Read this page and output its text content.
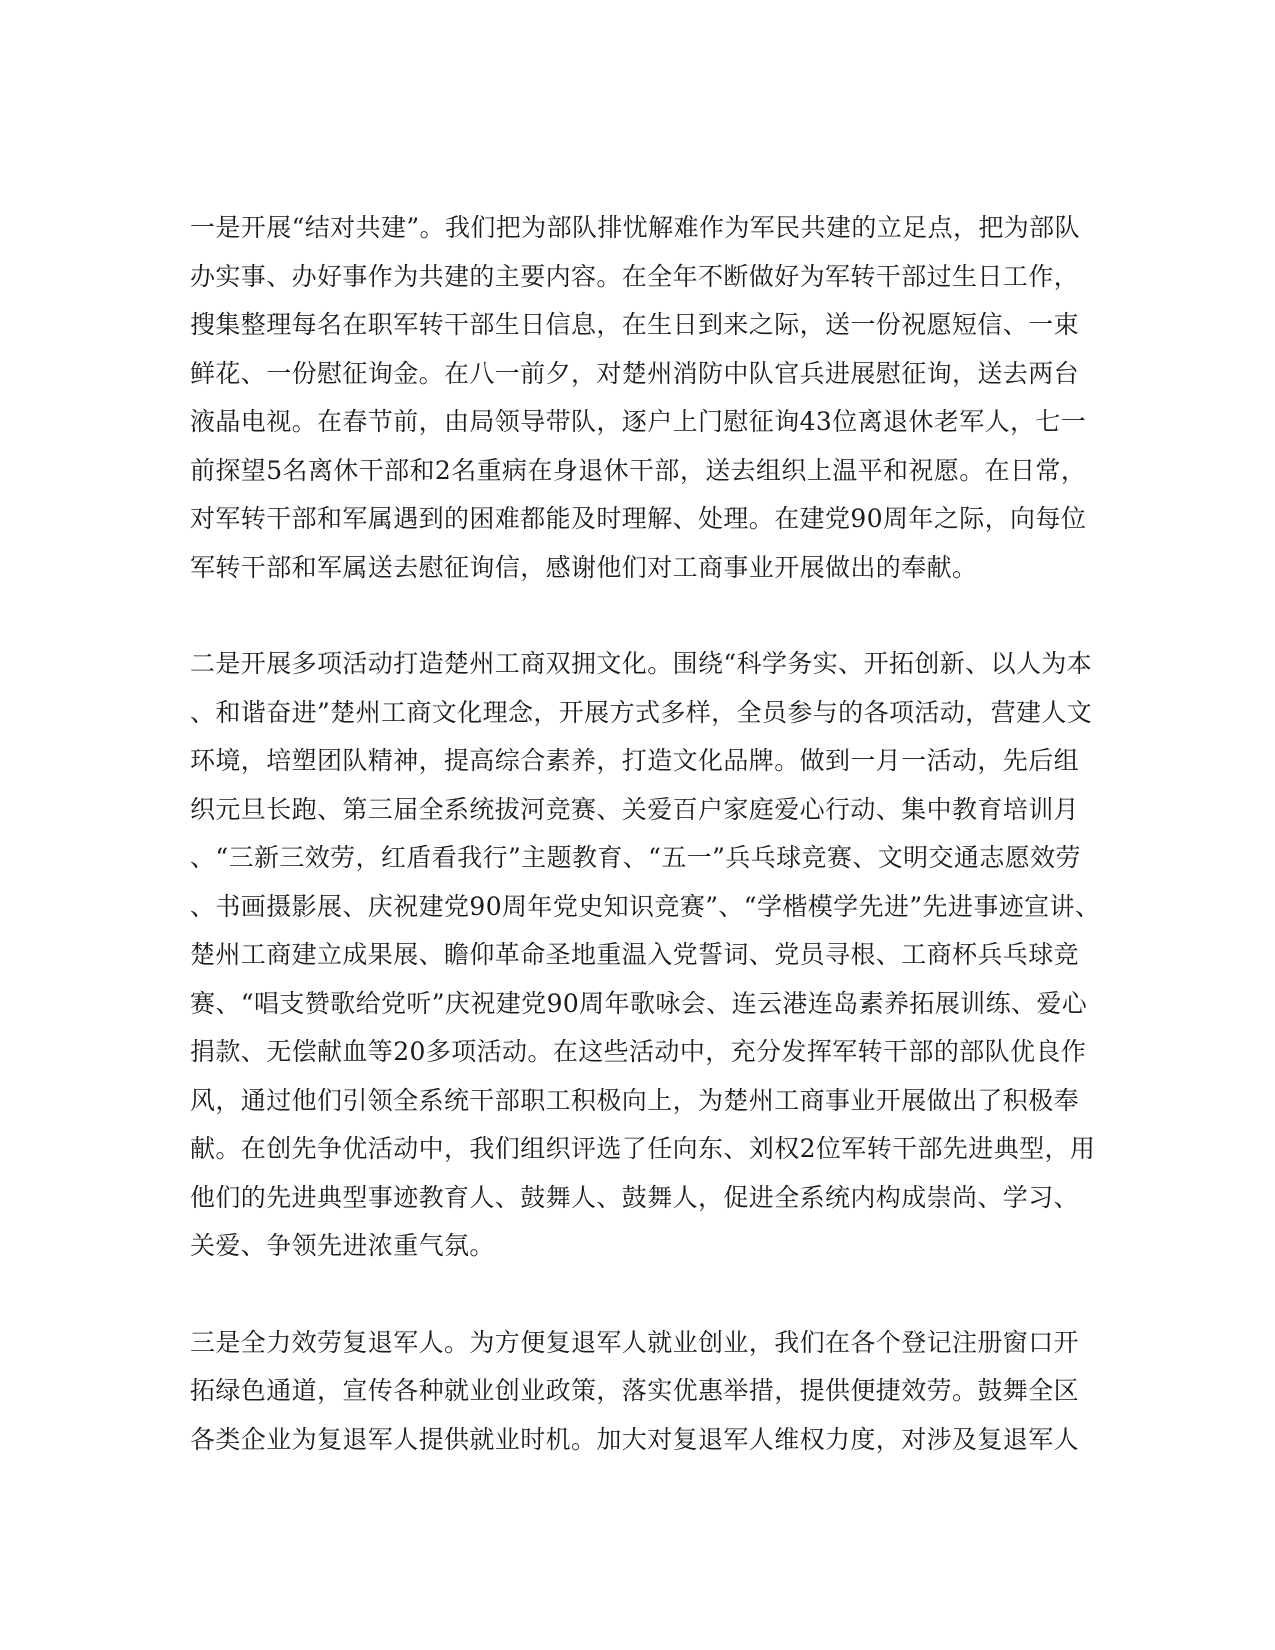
一是开展“结对共建”。我们把为部队排忧解难作为军民共建的立足点，把为部队
办实事、办好事作为共建的主要内容。在全年不断做好为军转干部过生日工作，
搜集整理每名在职军转干部生日信息，在生日到来之际，送一份祝愿短信、一束
鲜花、一份慰征询金。在八一前夕，对楚州消防中队官兵进展慰征询，送去两台
液晶电视。在春节前，由局领导带队，逐户上门慰征询43位离退休老军人，七一
前探望5名离休干部和2名重病在身退休干部，送去组织上温平和祝愿。在日常，
对军转干部和军属遇到的困难都能及时理解、处理。在建党90周年之际，向每位
军转干部和军属送去慰征询信，感谢他们对工商事业开展做出的奉献。
二是开展多项活动打造楚州工商双拥文化。围绕“科学务实、开拓创新、以人为本
、和谐奋进”楚州工商文化理念，开展方式多样，全员参与的各项活动，营建人文
环境，培塑团队精神，提高综合素养，打造文化品牌。做到一月一活动，先后组
织元旦长跑、第三届全系统拔河竞赛、关爱百户家庭爱心行动、集中教育培训月
、“三新三效劳，红盾看我行”主题教育、“五一”兵乓球竞赛、文明交通志愿效劳
、书画摄影展、庆祝建党90周年党史知识竞赛”、“学楷模学先进”先进事迹宣讲、
楚州工商建立成果展、瞻仰革命圣地重温入党誓词、党员寻根、工商杯兵乓球竞
赛、“唱支赞歌给党听”庆祝建党90周年歌咏会、连云港连岛素养拓展训练、爱心
捐款、无偿献血等20多项活动。在这些活动中，充分发挥军转干部的部队优良作
风，通过他们引领全系统干部职工积极向上，为楚州工商事业开展做出了积极奉
献。在创先争优活动中，我们组织评选了任向东、刘权2位军转干部先进典型，用
他们的先进典型事迹教育人、鼓舞人、鼓舞人，促进全系统内构成崇尚、学习、
关爱、争领先进浓重气氛。
三是全力效劳复退军人。为方便复退军人就业创业，我们在各个登记注册窗口开
拓绿色通道，宣传各种就业创业政策，落实优惠举措，提供便捷效劳。鼓舞全区
各类企业为复退军人提供就业时机。加大对复退军人维权力度，对涉及复退军人
